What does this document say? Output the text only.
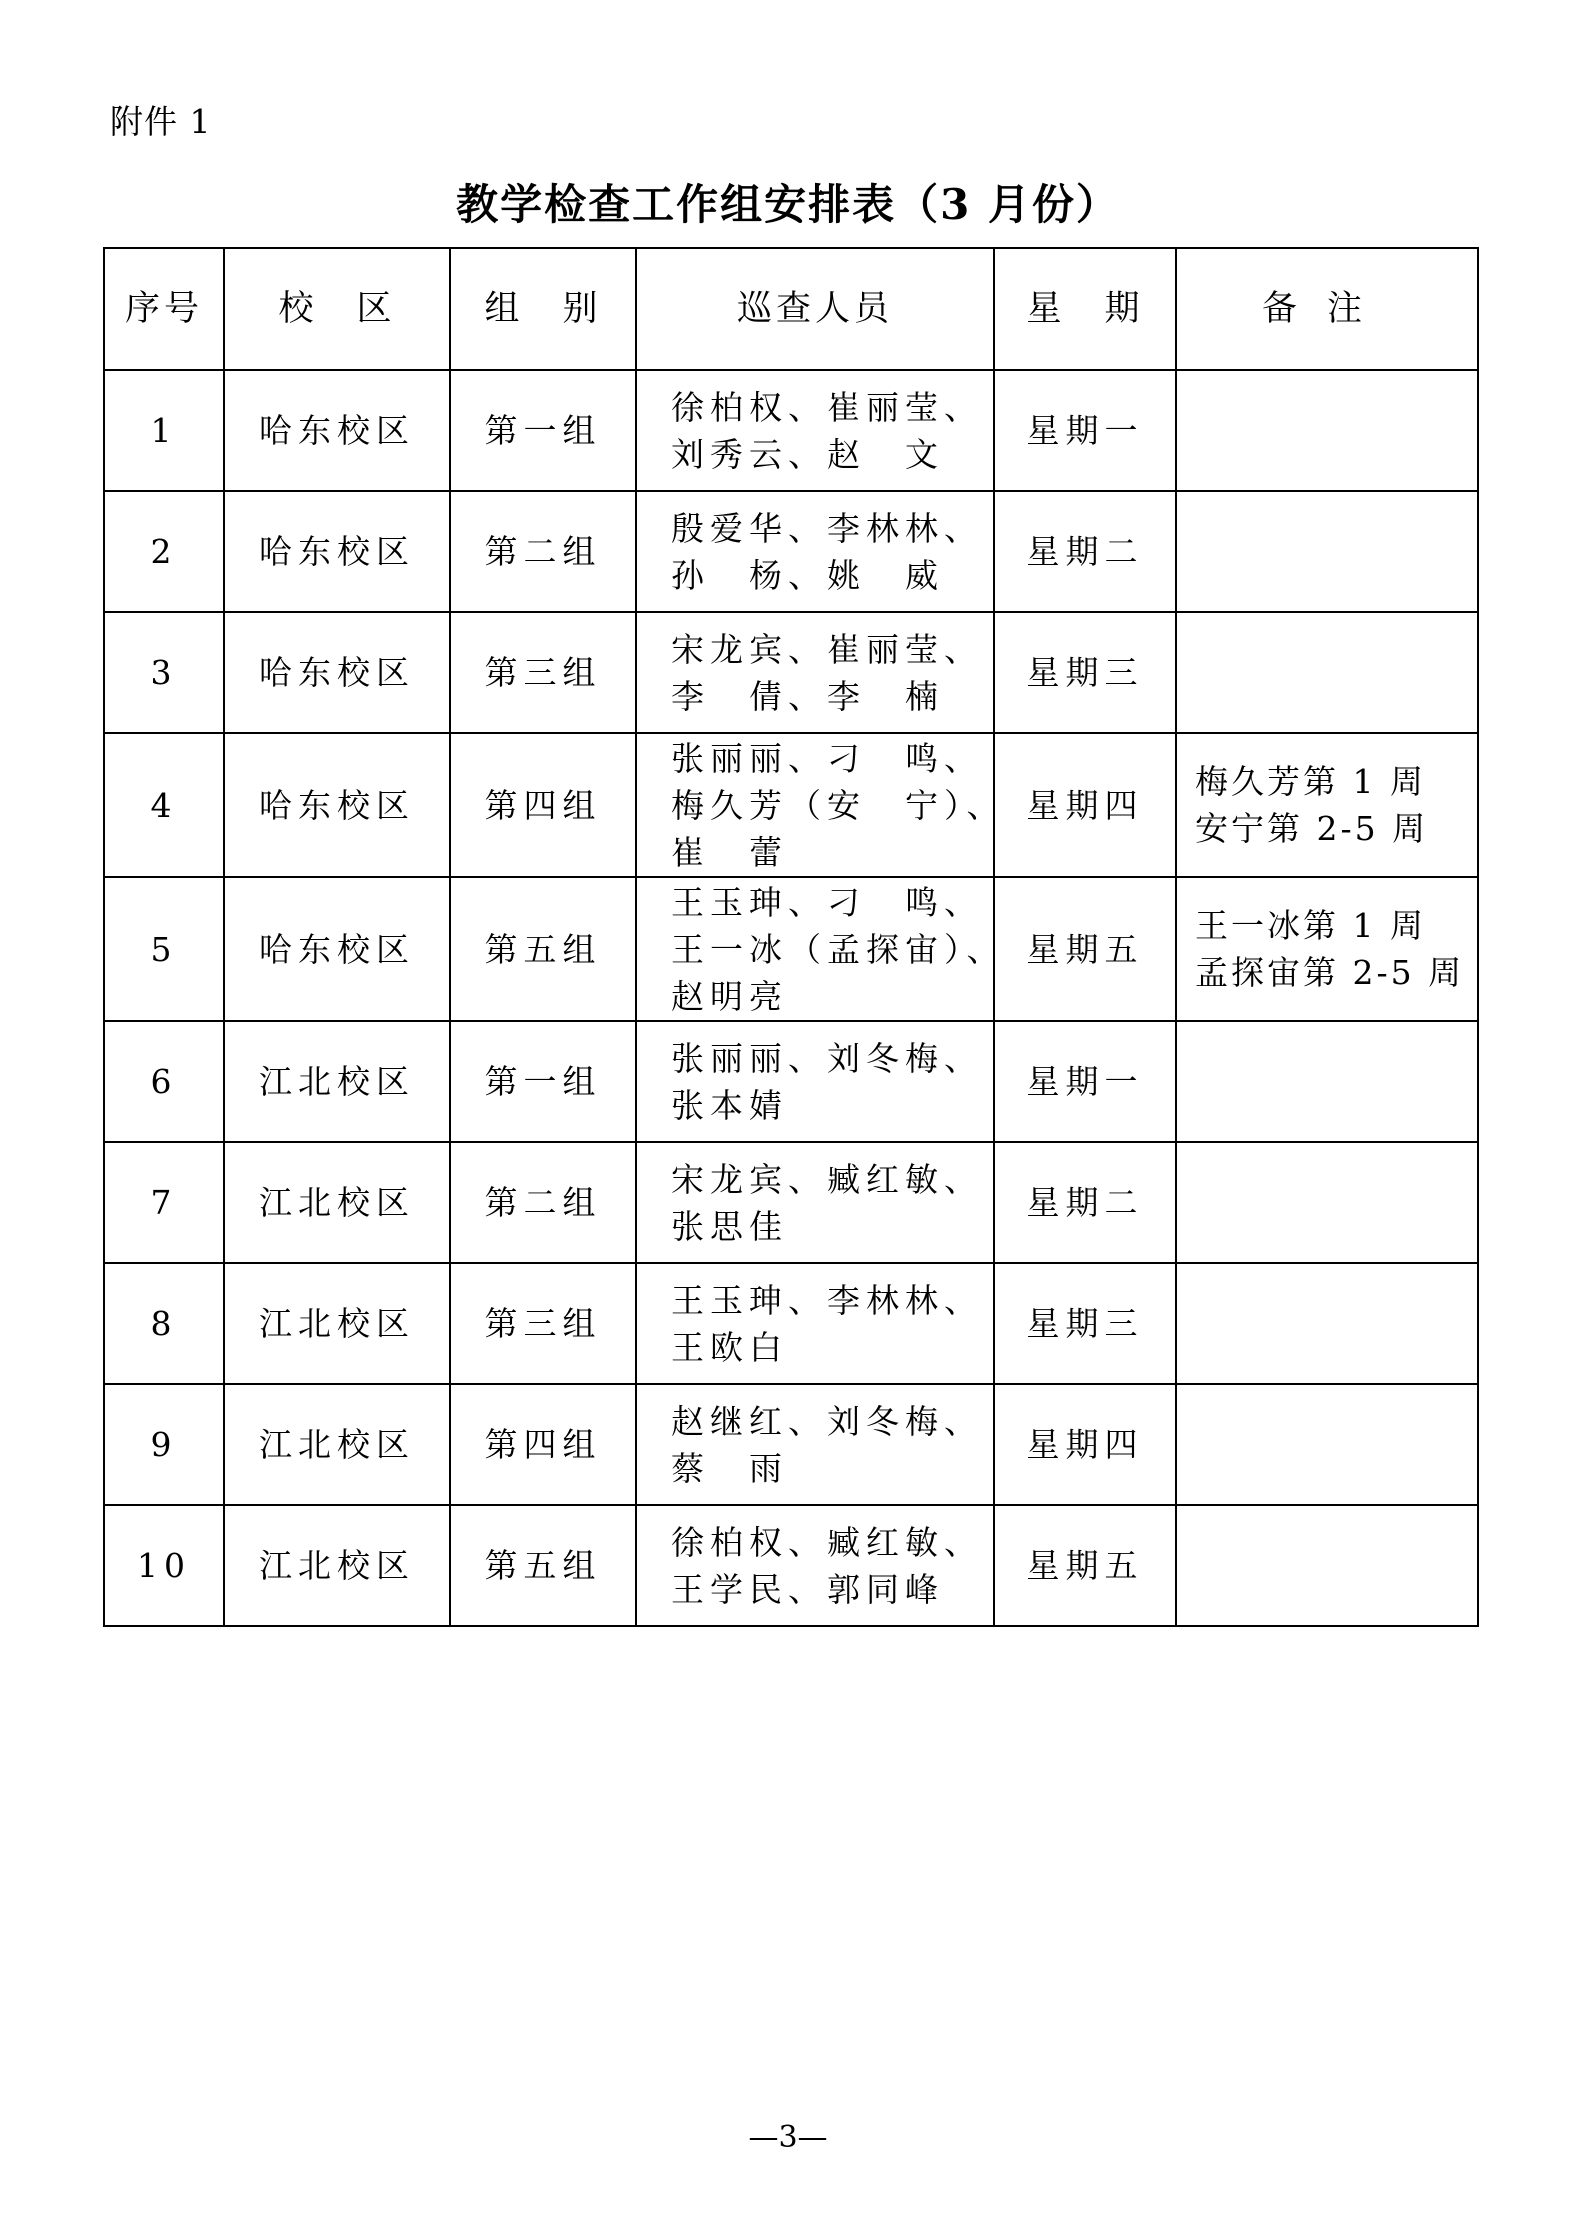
附件 1
教学检查工作组安排表（3 月份）
序号	校　区	组　别	巡查人员	星　期	备注
1	哈东校区	第一组	徐柏权、崔丽莹、
刘秀云、赵　文	星期一	
2	哈东校区	第二组	殷爱华、李林林、
孙　杨、姚　威	星期二	
3	哈东校区	第三组	宋龙宾、崔丽莹、
李　倩、李　楠	星期三	
4	哈东校区	第四组	张丽丽、刁　鸣、
梅久芳（安　宁）、
崔　蕾	星期四	梅久芳第 1 周
安宁第 2-5 周

5	哈东校区	第五组	王玉珅、刁　鸣、
王一冰（孟探宙）、
赵明亮	星期五	王一冰第 1 周
孟探宙第 2-5 周

6	江北校区	第一组	张丽丽、刘冬梅、
张本婧	星期一	
7	江北校区	第二组	宋龙宾、臧红敏、
张思佳	星期二	
8	江北校区	第三组	王玉珅、李林林、
王欧白	星期三	
9	江北校区	第四组	赵继红、刘冬梅、
蔡　雨	星期四	
10	江北校区	第五组	徐柏权、臧红敏、
王学民、郭同峰	星期五	
—3—
